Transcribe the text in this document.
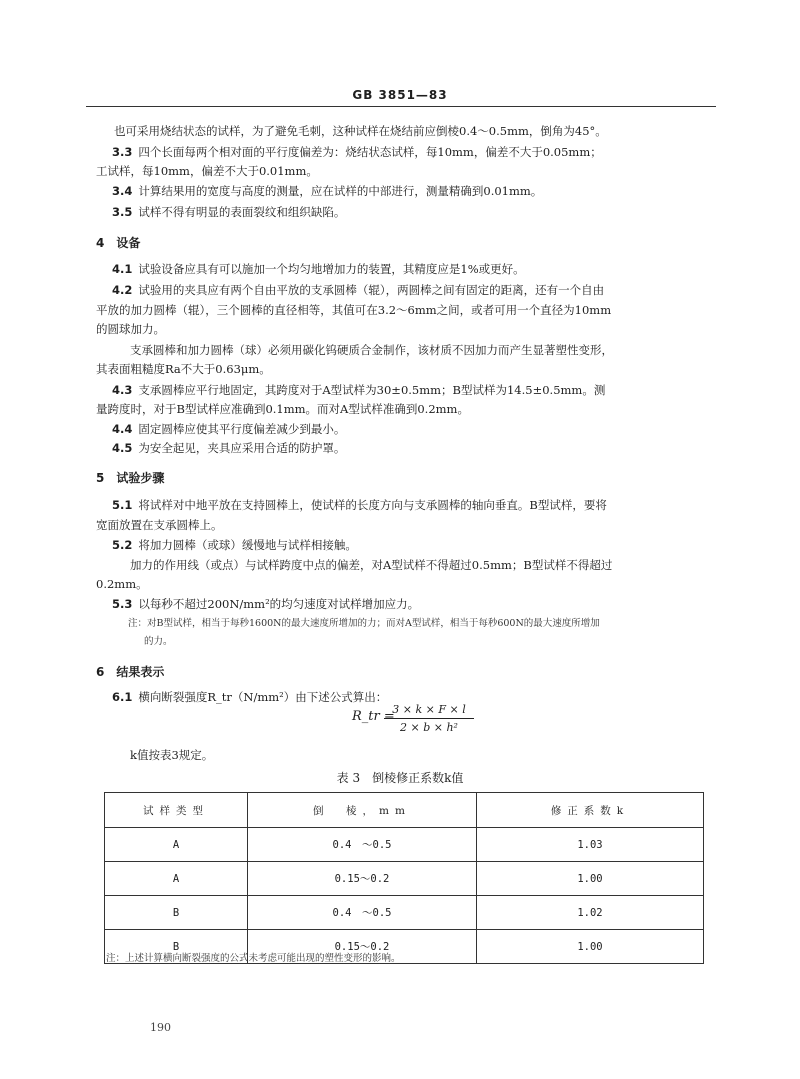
GB 3851—83
也可采用烧结状态的试样，为了避免毛刺，这种试样在烧结前应倒棱0.4～0.5mm，倒角为45°。
3.3 四个长面每两个相对面的平行度偏差为：烧结状态试样，每10mm，偏差不大于0.05mm；
工试样，每10mm，偏差不大于0.01mm。
3.4 计算结果用的宽度与高度的测量，应在试样的中部进行，测量精确到0.01mm。
3.5 试样不得有明显的表面裂纹和组织缺陷。
4　设备
4.1 试验设备应具有可以施加一个均匀地增加力的装置，其精度应是1%或更好。
4.2 试验用的夹具应有两个自由平放的支承圆棒（辊），两圆棒之间有固定的距离，还有一个自由
平放的加力圆棒（辊），三个圆棒的直径相等，其值可在3.2～6mm之间，或者可用一个直径为10mm
的圆球加力。
支承圆棒和加力圆棒（球）必须用碳化钨硬质合金制作，该材质不因加力而产生显著塑性变形，
其表面粗糙度Ra不大于0.63μm。
4.3 支承圆棒应平行地固定，其跨度对于A型试样为30±0.5mm；B型试样为14.5±0.5mm。测
量跨度时，对于B型试样应准确到0.1mm。而对A型试样准确到0.2mm。
4.4 固定圆棒应使其平行度偏差减少到最小。
4.5 为安全起见，夹具应采用合适的防护罩。
5　试验步骤
5.1 将试样对中地平放在支持圆棒上，使试样的长度方向与支承圆棒的轴向垂直。B型试样，要将
宽面放置在支承圆棒上。
5.2 将加力圆棒（或球）缓慢地与试样相接触。
加力的作用线（或点）与试样跨度中点的偏差，对A型试样不得超过0.5mm；B型试样不得超过
0.2mm。
5.3 以每秒不超过200N/mm²的均匀速度对试样增加应力。
注：对B型试样，相当于每秒1600N的最大速度所增加的力；而对A型试样，相当于每秒600N的最大速度所增加
的力。
6　结果表示
6.1 横向断裂强度R_tr（N/mm²）由下述公式算出：
R_tr =
$\frac{3 \times k \times F \times l}{\text{2 × b × h²}}$
k值按表3规定。
表 3　倒棱修正系数k值
试样类型	倒　棱，mm	修正系数k
A	0.4　～0.5	1.03
A	0.15～0.2	1.00
B	0.4　～0.5	1.02
B	0.15～0.2	1.00
注：上述计算横向断裂强度的公式未考虑可能出现的塑性变形的影响。
190
